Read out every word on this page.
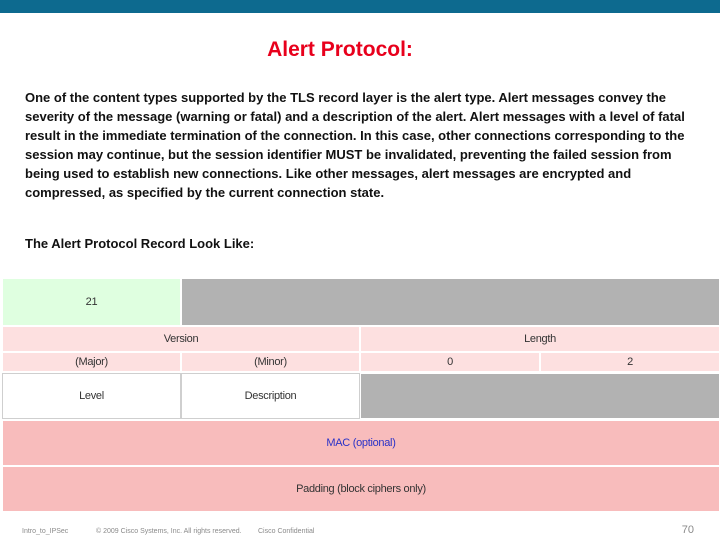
Alert Protocol:
One of the content types supported by the TLS record layer is the alert type. Alert messages convey the severity of the message (warning or fatal) and a description of the alert. Alert messages with a level of fatal result in the immediate termination of the connection. In this case, other connections corresponding to the session may continue, but the session identifier MUST be invalidated, preventing the failed session from being used to establish new connections. Like other messages, alert messages are encrypted and compressed, as specified by the current connection state.
The Alert Protocol Record Look Like:
21
Version	Length
(Major)	(Minor)	0	2
Level	Description
MAC (optional)
Padding (block ciphers only)
Intro_to_IPSec	© 2009 Cisco Systems, Inc. All rights reserved. Cisco Confidential	70
